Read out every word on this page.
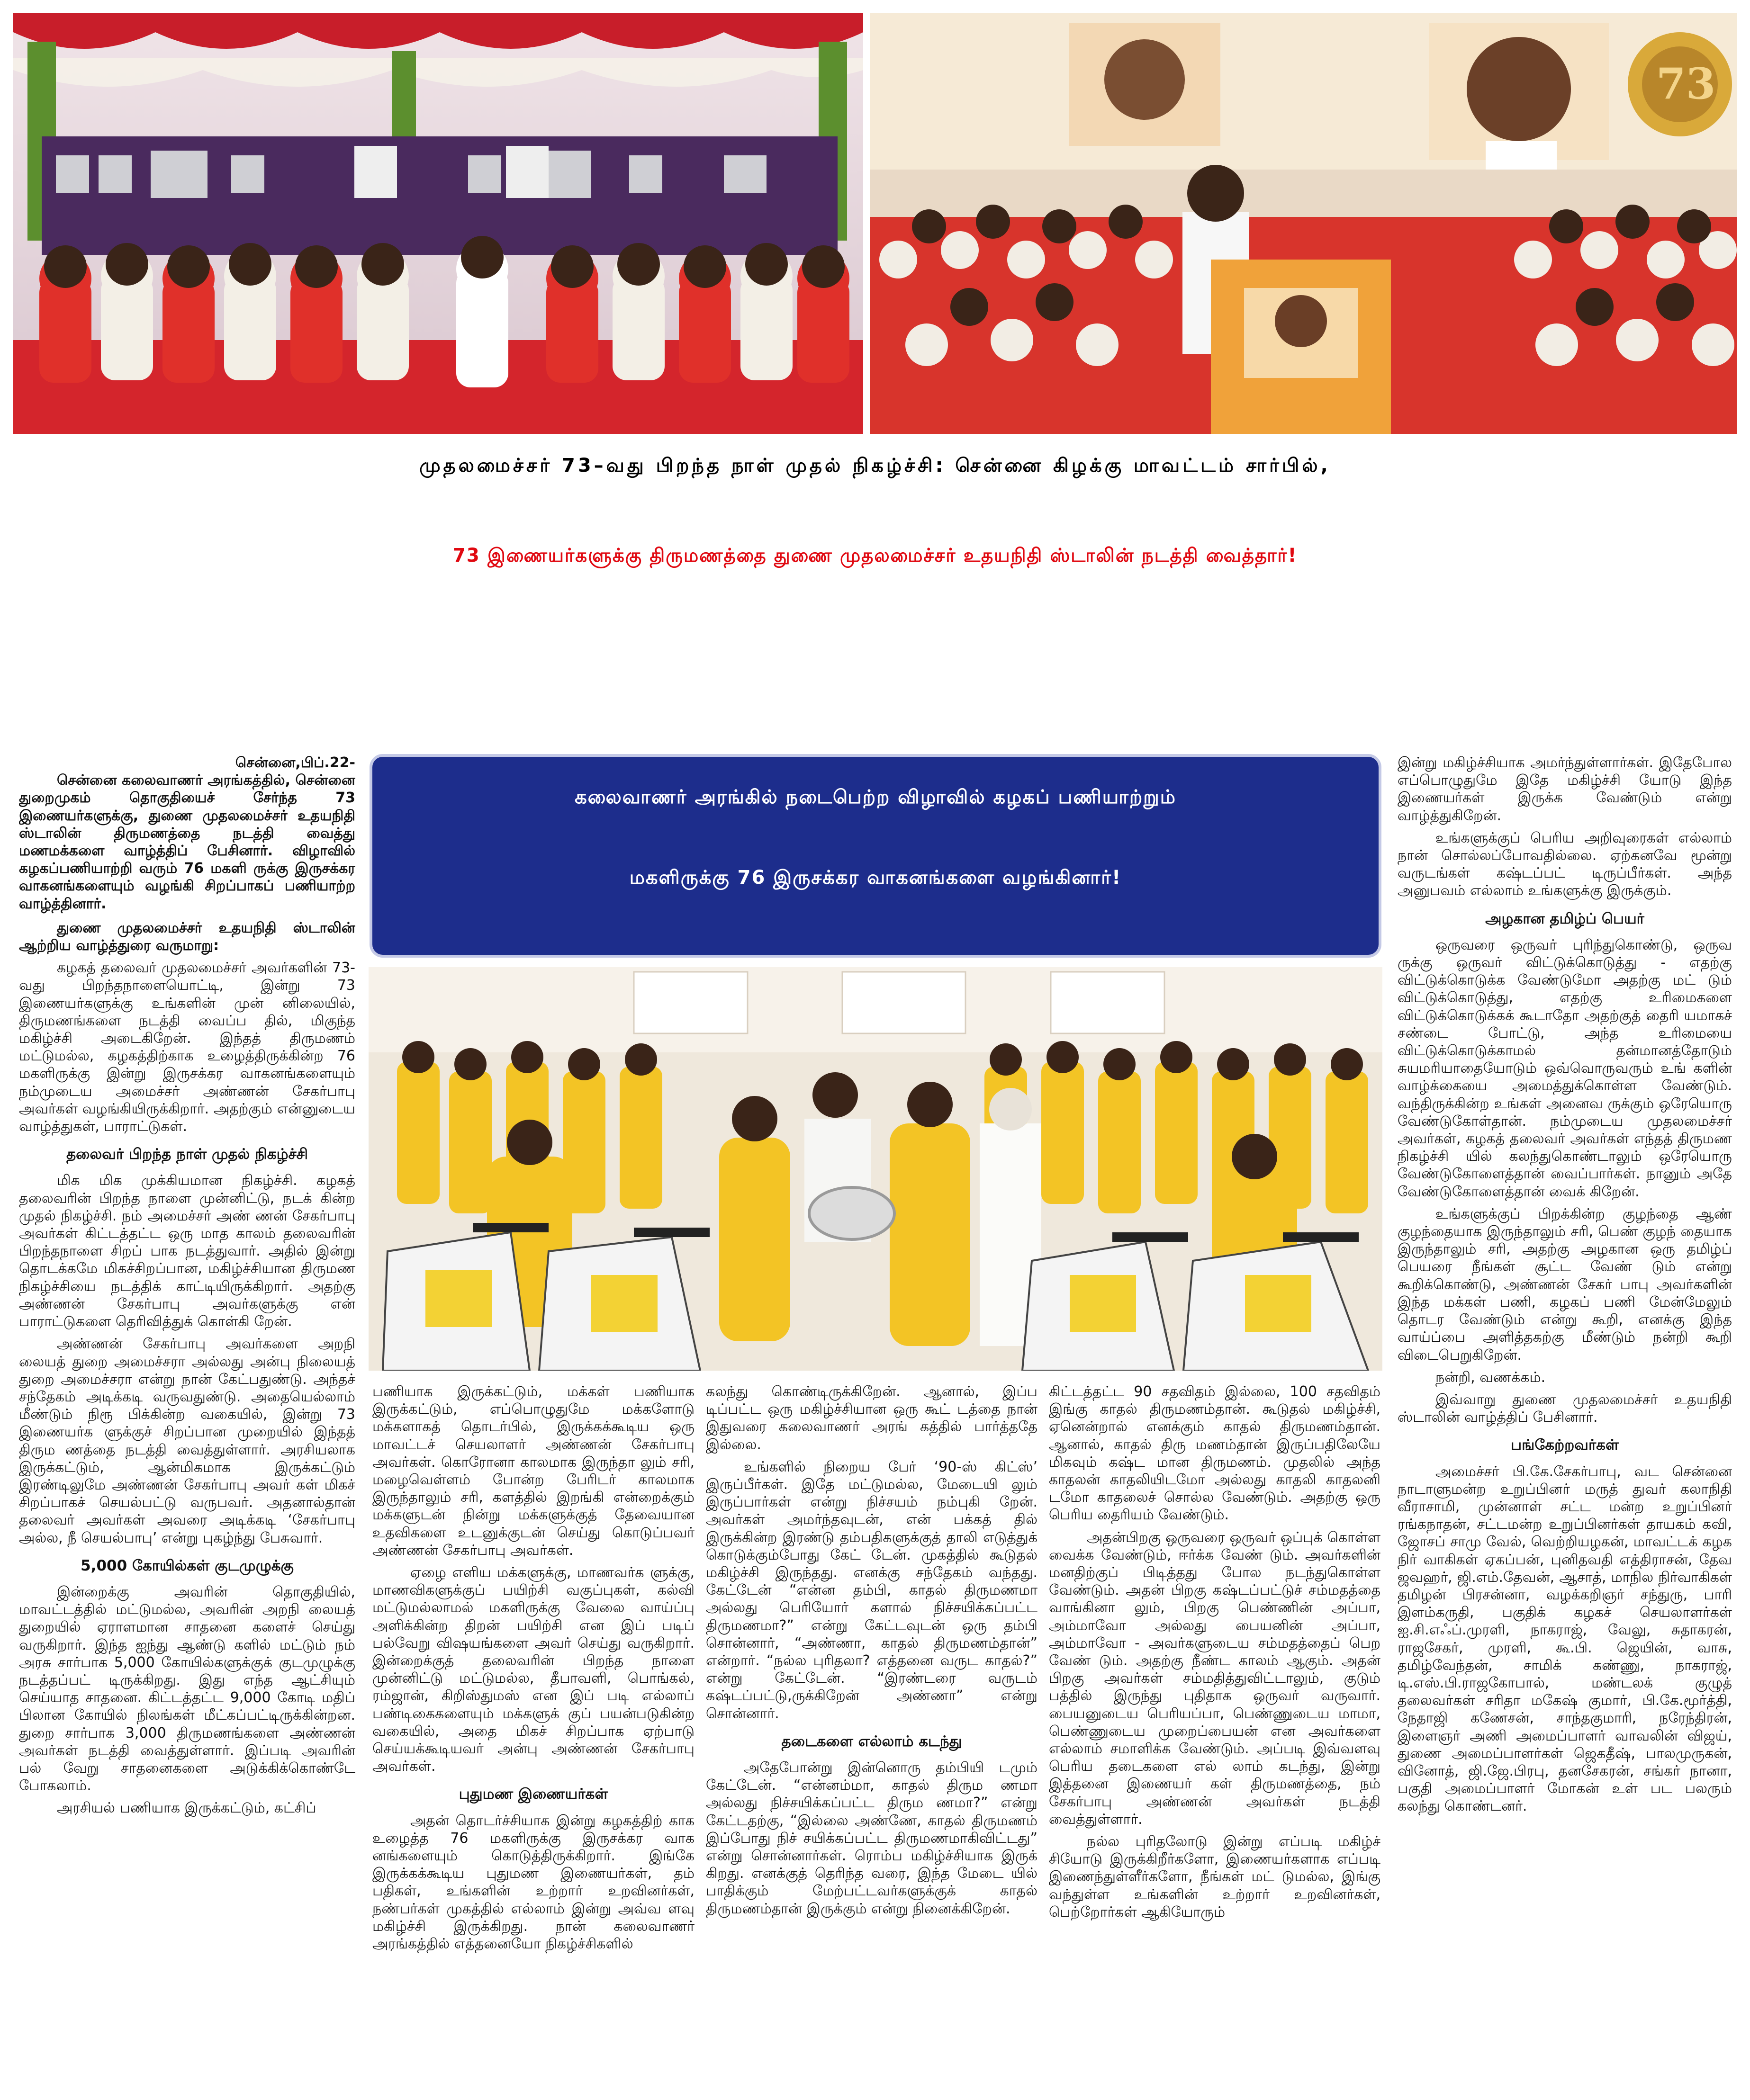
73
முதலமைச்சர் 73–வது பிறந்த நாள் முதல் நிகழ்ச்சி: சென்னை கிழக்கு மாவட்டம் சார்பில்,
73 இணையர்களுக்கு திருமணத்தை துணை முதலமைச்சர் உதயநிதி ஸ்டாலின் நடத்தி வைத்தார்!
கலைவாணர் அரங்கில் நடைபெற்ற விழாவில் கழகப் பணியாற்றும்
மகளிருக்கு 76 இருசக்கர வாகனங்களை வழங்கினார்!

சென்னை,பிப்.22-

சென்னை கலைவாணர் அரங்கத்தில், சென்னை துறைமுகம் தொகுதியைச் சேர்ந்த 73 இணையர்களுக்கு, துணை முதலமைச்சர் உதயநிதி ஸ்டாலின் திருமணத்தை நடத்தி வைத்து மணமக்களை வாழ்த்திப் பேசினார். விழாவில் கழகப்பணியாற்றி வரும் 76 மகளி ருக்கு இருசக்கர வாகனங்களையும் வழங்கி சிறப்பாகப் பணியாற்ற வாழ்த்தினார்.

துணை முதலமைச்சர் உதயநிதி ஸ்டாலின் ஆற்றிய வாழ்த்துரை வருமாறு:

கழகத் தலைவர் முதலமைச்சர் அவர்களின் 73-வது பிறந்தநாளையொட்டி, இன்று 73 இணையர்களுக்கு உங்களின் முன் னிலையில், திருமணங்களை நடத்தி வைப்ப தில், மிகுந்த மகிழ்ச்சி அடைகிறேன். இந்தத் திருமணம் மட்டுமல்ல, கழகத்திற்காக உழைத்திருக்கின்ற 76 மகளிருக்கு இன்று இருசக்கர வாகனங்களையும் நம்முடைய அமைச்சர் அண்ணன் சேகர்பாபு அவர்கள் வழங்கியிருக்கிறார். அதற்கும் என்னுடைய வாழ்த்துகள், பாராட்டுகள்.

தலைவர் பிறந்த நாள் முதல் நிகழ்ச்சி

மிக மிக முக்கியமான நிகழ்ச்சி. கழகத் தலைவரின் பிறந்த நாளை முன்னிட்டு, நடக் கின்ற முதல் நிகழ்ச்சி. நம் அமைச்சர் அண் ணன் சேகர்பாபு அவர்கள் கிட்டத்தட்ட ஒரு மாத காலம் தலைவரின் பிறந்தநாளை சிறப் பாக நடத்துவார். அதில் இன்று தொடக்கமே மிகச்சிறப்பான, மகிழ்ச்சியான திருமண நிகழ்ச்சியை நடத்திக் காட்டியிருக்கிறார். அதற்கு அண்ணன் சேகர்பாபு அவர்களுக்கு என் பாராட்டுகளை தெரிவித்துக் கொள்கி றேன்.

அண்ணன் சேகர்பாபு அவர்களை அறநி லையத் துறை அமைச்சரா அல்லது அன்பு நிலையத் துறை அமைச்சரா என்று நான் கேட்பதுண்டு. அந்தச் சந்தேகம் அடிக்கடி வருவதுண்டு. அதையெல்லாம் மீண்டும் நிரூ பிக்கின்ற வகையில், இன்று 73 இணையர்க ளுக்குச் சிறப்பான முறையில் இந்தத் திரும ணத்தை நடத்தி வைத்துள்ளார். அரசியலாக இருக்கட்டும், ஆன்மிகமாக இருக்கட்டும் இரண்டிலுமே அண்ணன் சேகர்பாபு அவர் கள் மிகச் சிறப்பாகச் செயல்பட்டு வருபவர். அதனால்தான் தலைவர் அவர்கள் அவரை அடிக்கடி ‘சேகர்பாபு அல்ல, நீ செயல்பாபு’ என்று புகழ்ந்து பேசுவார்.

5,000 கோயில்கள் குடமுழுக்கு

இன்றைக்கு அவரின் தொகுதியில், மாவட்டத்தில் மட்டுமல்ல, அவரின் அறநி லையத் துறையில் ஏராளமான சாதனை களைச் செய்து வருகிறார். இந்த ஐந்து ஆண்டு களில் மட்டும் நம் அரசு சார்பாக 5,000 கோயில்களுக்குக் குடமுழுக்கு நடத்தப்பட் டிருக்கிறது. இது எந்த ஆட்சியும் செய்யாத சாதனை. கிட்டத்தட்ட 9,000 கோடி மதிப் பிலான கோயில் நிலங்கள் மீட்கப்பட்டிருக்கின்றன. துறை சார்பாக 3,000 திருமணங்களை அண்ணன் அவர்கள் நடத்தி வைத்துள்ளார். இப்படி அவரின் பல் வேறு சாதனைகளை அடுக்கிக்கொண்டே போகலாம்.

அரசியல் பணியாக இருக்கட்டும், கட்சிப்

பணியாக இருக்கட்டும், மக்கள் பணியாக இருக்கட்டும், எப்பொழுதுமே மக்களோடு மக்களாகத் தொடர்பில், இருக்கக்கூடிய ஒரு மாவட்டச் செயலாளர் அண்ணன் சேகர்பாபு அவர்கள். கொரோனா காலமாக இருந்தா லும் சரி, மழைவெள்ளம் போன்ற பேரிடர் காலமாக இருந்தாலும் சரி, களத்தில் இறங்கி என்றைக்கும் மக்களுடன் நின்று மக்களுக்குத் தேவையான உதவிகளை உடனுக்குடன் செய்து கொடுப்பவர் அண்ணன் சேகர்பாபு அவர்கள்.

ஏழை எளிய மக்களுக்கு, மாணவர்க ளுக்கு, மாணவிகளுக்குப் பயிற்சி வகுப்புகள், கல்வி மட்டுமல்லாமல் மகளிருக்கு வேலை வாய்ப்பு அளிக்கின்ற திறன் பயிற்சி என இப் படிப் பல்வேறு விஷயங்களை அவர் செய்து வருகிறார். இன்றைக்குத் தலைவரின் பிறந்த நாளை முன்னிட்டு மட்டுமல்ல, தீபாவளி, பொங்கல், ரம்ஜான், கிறிஸ்துமஸ் என இப் படி எல்லாப் பண்டிகைகளையும் மக்களுக் குப் பயன்படுகின்ற வகையில், அதை மிகச் சிறப்பாக ஏற்பாடு செய்யக்கூடியவர் அன்பு அண்ணன் சேகர்பாபு அவர்கள்.

புதுமண இணையர்கள்

அதன் தொடர்ச்சியாக இன்று கழகத்திற் காக உழைத்த 76 மகளிருக்கு இருசக்கர வாக னங்களையும் கொடுத்திருக்கிறார். இங்கே இருக்கக்கூடிய புதுமண இணையர்கள், தம் பதிகள், உங்களின் உற்றார் உறவினர்கள், நண்பர்கள் முகத்தில் எல்லாம் இன்று அவ்வ ளவு மகிழ்ச்சி இருக்கிறது. நான் கலைவாணர் அரங்கத்தில் எத்தனையோ நிகழ்ச்சிகளில்

கலந்து கொண்டிருக்கிறேன். ஆனால், இப்ப டிப்பட்ட ஒரு மகிழ்ச்சியான ஒரு கூட் டத்தை நான் இதுவரை கலைவாணர் அரங் கத்தில் பார்த்ததே இல்லை.

உங்களில் நிறைய பேர் ‘90-ஸ் கிட்ஸ்’ இருப்பீர்கள். இதே மட்டுமல்ல, மேடையி லும் இருப்பார்கள் என்று நிச்சயம் நம்புகி றேன். அவர்கள் அமர்ந்தவுடன், என் பக்கத் தில் இருக்கின்ற இரண்டு தம்பதிகளுக்குத் தாலி எடுத்துக் கொடுக்கும்போது கேட் டேன். முகத்தில் கூடுதல் மகிழ்ச்சி இருந்தது. எனக்கு சந்தேகம் வந்தது. கேட்டேன் “என்ன தம்பி, காதல் திருமணமா அல்லது பெரியோர் களால் நிச்சயிக்கப்பட்ட திருமணமா?” என்று கேட்டவுடன் ஒரு தம்பி சொன்னார், “அண்ணா, காதல் திருமணம்தான்” என்றார். “நல்ல புரிதலா? எத்தனை வருட காதல்?” என்று கேட்டேன். “இரண்டரை வருடம் கஷ்டப்பட்டு,ருக்கிறேன் அண்ணா” என்று சொன்னார்.

தடைகளை எல்லாம் கடந்து

அதேபோன்று இன்னொரு தம்பியி டமும் கேட்டேன். “என்னம்மா, காதல் திரும ணமா அல்லது நிச்சயிக்கப்பட்ட திரும ணமா?” என்று கேட்டதற்கு, “இல்லை அண்ணே, காதல் திருமணம் இப்போது நிச் சயிக்கப்பட்ட திருமணமாகிவிட்டது” என்று சொன்னார்கள். ரொம்ப மகிழ்ச்சியாக இருக் கிறது. எனக்குத் தெரிந்த வரை, இந்த மேடை யில் பாதிக்கும் மேற்பட்டவர்களுக்குக் காதல் திருமணம்தான் இருக்கும் என்று நினைக்கிறேன்.

கிட்டத்தட்ட 90 சதவிதம் இல்லை, 100 சதவிதம் இங்கு காதல் திருமணம்தான். கூடுதல் மகிழ்ச்சி, ஏனென்றால் எனக்கும் காதல் திருமணம்தான். ஆனால், காதல் திரு மணம்தான் இருப்பதிலேயே மிகவும் கஷ்ட மான திருமணம். முதலில் அந்த காதலன் காதலியிடமோ அல்லது காதலி காதலனி டமோ காதலைச் சொல்ல வேண்டும். அதற்கு ஒரு பெரிய தைரியம் வேண்டும்.

அதன்பிறகு ஒருவரை ஒருவர் ஒப்புக் கொள்ள வைக்க வேண்டும், ஈர்க்க வேண் டும். அவர்களின் மனதிற்குப் பிடித்தது போல நடந்துகொள்ள வேண்டும். அதன் பிறகு கஷ்டப்பட்டுச் சம்மதத்தை வாங்கினா லும், பிறகு பெண்ணின் அப்பா, அம்மாவோ அல்லது பையனின் அப்பா, அம்மாவோ - அவர்களுடைய சம்மதத்தைப் பெற வேண் டும். அதற்கு நீண்ட காலம் ஆகும். அதன் பிறகு அவர்கள் சம்மதித்துவிட்டாலும், குடும் பத்தில் இருந்து புதிதாக ஒருவர் வருவார். பையனுடைய பெரியப்பா, பெண்ணுடைய மாமா, பெண்ணுடைய முறைப்பையன் என அவர்களை எல்லாம் சமாளிக்க வேண்டும். அப்படி இவ்வளவு பெரிய தடைகளை எல் லாம் கடந்து, இன்று இத்தனை இணையர் கள் திருமணத்தை, நம் சேகர்பாபு அண்ணன் அவர்கள் நடத்தி வைத்துள்ளார்.

நல்ல புரிதலோடு இன்று எப்படி மகிழ்ச் சியோடு இருக்கிறீர்களோ, இணையர்களாக எப்படி இணைந்துள்ளீர்களோ, நீங்கள் மட் டுமல்ல, இங்கு வந்துள்ள உங்களின் உற்றார் உறவினர்கள், பெற்றோர்கள் ஆகியோரும்

இன்று மகிழ்ச்சியாக அமர்ந்துள்ளார்கள். இதேபோல எப்பொழுதுமே இதே மகிழ்ச்சி யோடு இந்த இணையர்கள் இருக்க வேண்டும் என்று வாழ்த்துகிறேன்.

உங்களுக்குப் பெரிய அறிவுரைகள் எல்லாம் நான் சொல்லப்போவதில்லை. ஏற்கனவே மூன்று வருடங்கள் கஷ்டப்பட் டிருப்பீர்கள். அந்த அனுபவம் எல்லாம் உங்களுக்கு இருக்கும்.

அழகான தமிழ்ப் பெயர்

ஒருவரை ஒருவர் புரிந்துகொண்டு, ஒருவ ருக்கு ஒருவர் விட்டுக்கொடுத்து - எதற்கு விட்டுக்கொடுக்க வேண்டுமோ அதற்கு மட் டும் விட்டுக்கொடுத்து, எதற்கு உரிமைகளை விட்டுக்கொடுக்கக் கூடாதோ அதற்குத் தைரி யமாகச் சண்டை போட்டு, அந்த உரிமையை விட்டுக்கொடுக்காமல் தன்மானத்தோடும் சுயமரியாதையோடும் ஒவ்வொருவரும் உங் களின் வாழ்க்கையை அமைத்துக்கொள்ள வேண்டும். வந்திருக்கின்ற உங்கள் அனைவ ருக்கும் ஒரேயொரு வேண்டுகோள்தான். நம்முடைய முதலமைச்சர் அவர்கள், கழகத் தலைவர் அவர்கள் எந்தத் திருமண நிகழ்ச்சி யில் கலந்துகொண்டாலும் ஒரேயொரு வேண்டுகோளைத்தான் வைப்பார்கள். நானும் அதே வேண்டுகோளைத்தான் வைக் கிறேன்.

உங்களுக்குப் பிறக்கின்ற குழந்தை ஆண் குழந்தையாக இருந்தாலும் சரி, பெண் குழந் தையாக இருந்தாலும் சரி, அதற்கு அழகான ஒரு தமிழ்ப் பெயரை நீங்கள் சூட்ட வேண் டும் என்று கூறிக்கொண்டு, அண்ணன் சேகர் பாபு அவர்களின் இந்த மக்கள் பணி, கழகப் பணி மேன்மேலும் தொடர வேண்டும் என்று கூறி, எனக்கு இந்த வாய்ப்பை அளித்தகற்கு மீண்டும் நன்றி கூறி விடைபெறுகிறேன்.

நன்றி, வணக்கம்.

இவ்வாறு துணை முதலமைச்சர் உதயநிதி ஸ்டாலின் வாழ்த்திப் பேசினார்.

பங்கேற்றவர்கள்

அமைச்சர் பி.கே.சேகர்பாபு, வட சென்னை நாடாளுமன்ற உறுப்பினர் மருத் துவர் கலாநிதி வீராசாமி, முன்னாள் சட்ட மன்ற உறுப்பினர் ரங்கநாதன், சட்டமன்ற உறுப்பினர்கள் தாயகம் கவி, ஜோசப் சாமு வேல், வெற்றியழகன், மாவட்டக் கழக நிர் வாகிகள் ஏகப்பன், புனிதவதி எத்திராசன், தேவ ஜவஹர், ஜி.எம்.தேவன், ஆசாத், மாநில நிர்வாகிகள் தமிழன் பிரசன்னா, வழக்கறிஞர் சந்துரு, பாரி இளம்கருதி, பகுதிக் கழகச் செயலாளர்கள் ஐ.சி.எஃப்.முரளி, நாகராஜ், வேலு, சுதாகரன், ராஜசேகர், முரளி, கூ.பி. ஜெயின், வாசு, தமிழ்வேந்தன், சாமிக் கண்ணு, நாகராஜ், டி.எஸ்.பி.ராஜகோபால், மண்டலக் குழுத் தலைவர்கள் சரிதா மகேஷ் குமார், பி.கே.மூர்த்தி, நேதாஜி கணேசன், சாந்தகுமாரி, நரேந்திரன், இளைஞர் அணி அமைப்பாளர் வாவலின் விஜய், துணை அமைப்பாளர்கள் ஜெகதீஷ், பாலமுருகன், வினோத், ஜி.ஜே.பிரபு, தனசேகரன், சங்கர் நானா, பகுதி அமைப்பாளர் மோகன் உள் பட பலரும் கலந்து கொண்டனர்.
